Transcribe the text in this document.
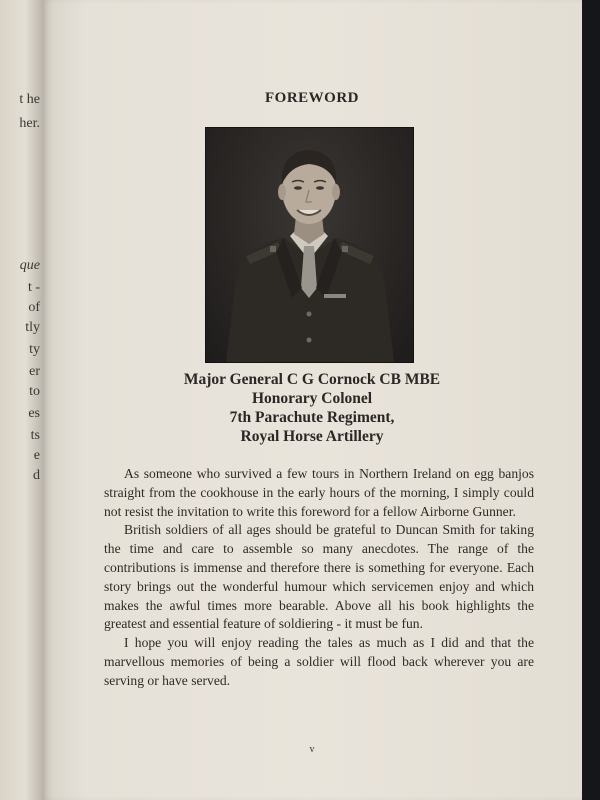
t he
her.
que
t -
of
tly
ty
er
to
es
ts
e
d
FOREWORD
Major General C G Cornock CB MBE
Honorary Colonel
7th Parachute Regiment,
Royal Horse Artillery

As someone who survived a few tours in Northern Ireland on egg banjos straight from the cookhouse in the early hours of the morning, I simply could not resist the invitation to write this foreword for a fellow Airborne Gunner.

British soldiers of all ages should be grateful to Duncan Smith for taking the time and care to assemble so many anecdotes. The range of the contributions is immense and therefore there is something for everyone. Each story brings out the wonderful humour which servicemen enjoy and which makes the awful times more bearable. Above all his book highlights the greatest and essential feature of soldiering - it must be fun.

I hope you will enjoy reading the tales as much as I did and that the marvellous memories of being a soldier will flood back wherever you are serving or have served.

v
